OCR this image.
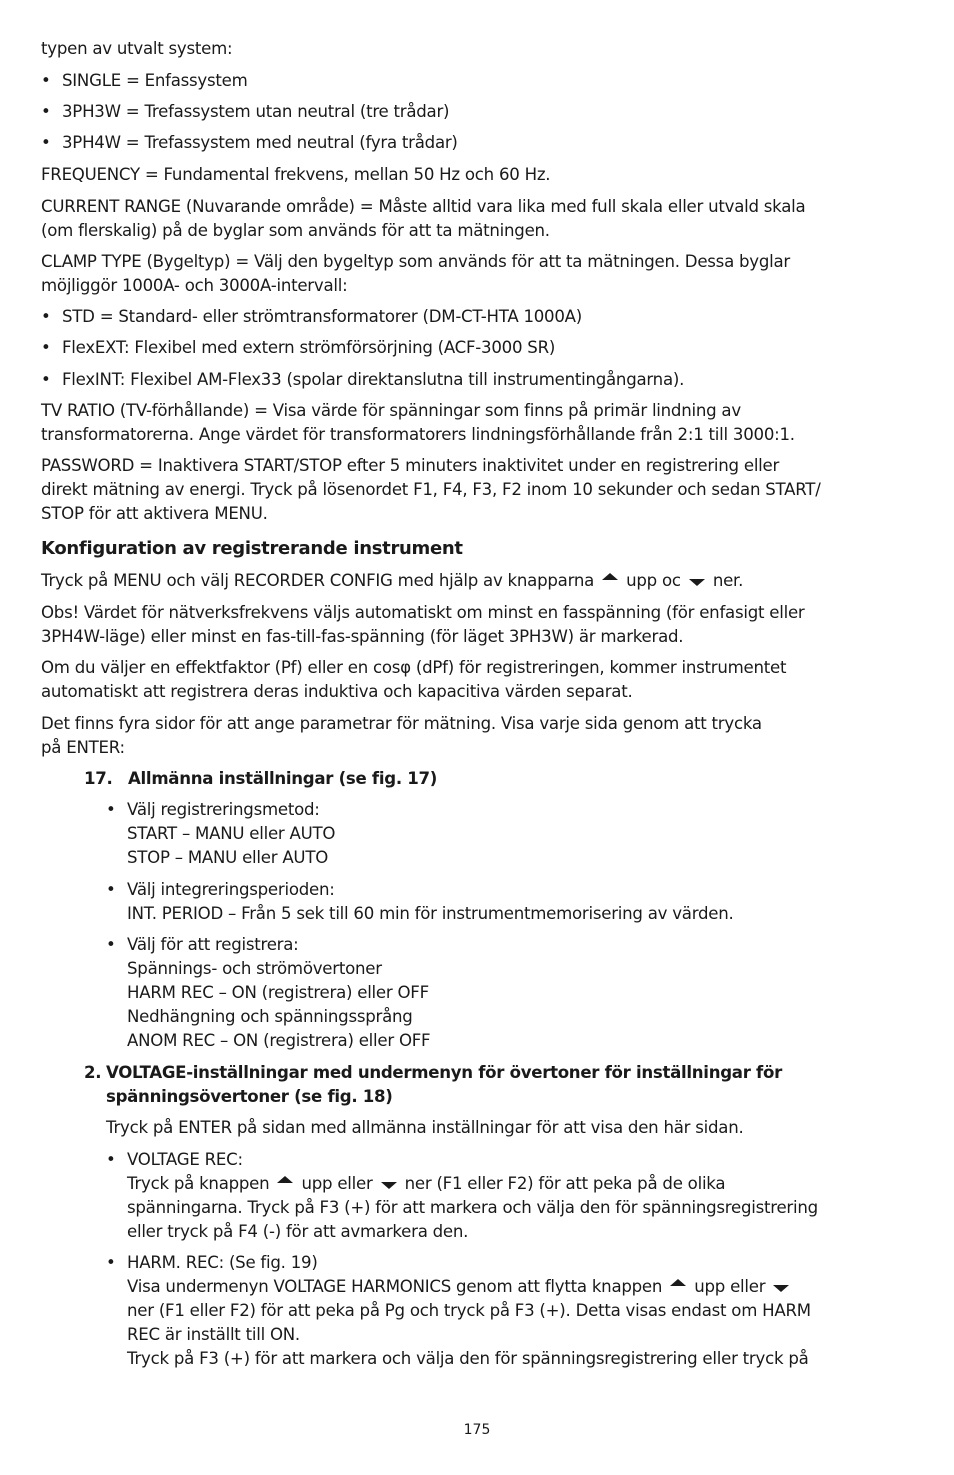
typen av utvalt system:
• SINGLE = Enfassystem
• 3PH3W = Trefassystem utan neutral (tre trådar)
• 3PH4W = Trefassystem med neutral (fyra trådar)
FREQUENCY = Fundamental frekvens, mellan 50 Hz och 60 Hz.
CURRENT RANGE (Nuvarande område) = Måste alltid vara lika med full skala eller utvald skala
(om flerskalig) på de byglar som används för att ta mätningen.
CLAMP TYPE (Bygeltyp) = Välj den bygeltyp som används för att ta mätningen. Dessa byglar
möjliggör 1000A- och 3000A-intervall:
• STD = Standard- eller strömtransformatorer (DM-CT-HTA 1000A)
• FlexEXT: Flexibel med extern strömförsörjning (ACF-3000 SR)
• FlexINT: Flexibel AM-Flex33 (spolar direktanslutna till instrumentingångarna).
TV RATIO (TV-förhållande) = Visa värde för spänningar som finns på primär lindning av
transformatorerna. Ange värdet för transformatorers lindningsförhållande från 2:1 till 3000:1.
PASSWORD = Inaktivera START/STOP efter 5 minuters inaktivitet under en registrering eller
direkt mätning av energi. Tryck på lösenordet F1, F4, F3, F2 inom 10 sekunder och sedan START/
STOP för att aktivera MENU.
Konfiguration av registrerande instrument
Tryck på MENU och välj RECORDER CONFIG med hjälp av knapparna upp oc ner.
Obs! Värdet för nätverksfrekvens väljs automatiskt om minst en fasspänning (för enfasigt eller
3PH4W-läge) eller minst en fas-till-fas-spänning (för läget 3PH3W) är markerad.
Om du väljer en effektfaktor (Pf) eller en cosφ (dPf) för registreringen, kommer instrumentet
automatiskt att registrera deras induktiva och kapacitiva värden separat.
Det finns fyra sidor för att ange parametrar för mätning. Visa varje sida genom att trycka
på ENTER:
17. Allmänna inställningar (se fig. 17)
• Välj registreringsmetod:
START – MANU eller AUTO
STOP – MANU eller AUTO
• Välj integreringsperioden:
INT. PERIOD – Från 5 sek till 60 min för instrumentmemorisering av värden.
• Välj för att registrera:
Spännings- och strömövertoner
HARM REC – ON (registrera) eller OFF
Nedhängning och spänningssprång
ANOM REC – ON (registrera) eller OFF
2. VOLTAGE-inställningar med undermenyn för övertoner för inställningar för
spänningsövertoner (se fig. 18)
Tryck på ENTER på sidan med allmänna inställningar för att visa den här sidan.
• VOLTAGE REC:
Tryck på knappen upp eller ner (F1 eller F2) för att peka på de olika
spänningarna. Tryck på F3 (+) för att markera och välja den för spänningsregistrering
eller tryck på F4 (-) för att avmarkera den.
• HARM. REC: (Se fig. 19)
Visa undermenyn VOLTAGE HARMONICS genom att flytta knappen upp eller
ner (F1 eller F2) för att peka på Pg och tryck på F3 (+). Detta visas endast om HARM
REC är inställt till ON.
Tryck på F3 (+) för att markera och välja den för spänningsregistrering eller tryck på
175
